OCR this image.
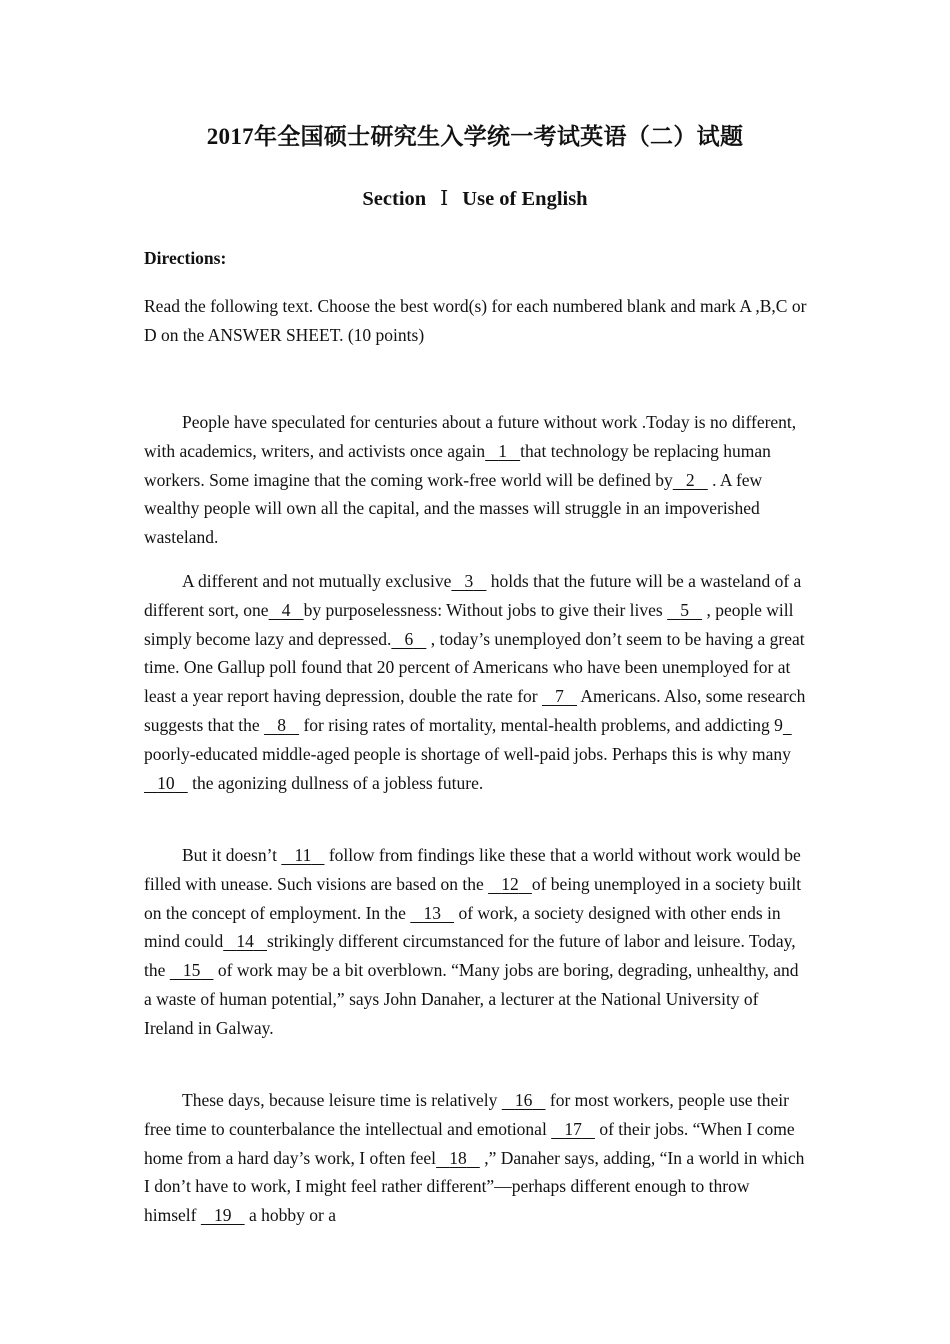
2017年全国硕士研究生入学统一考试英语（二）试题
Section Ⅰ Use of English
Directions:
Read the following text. Choose the best word(s) for each numbered blank and mark A ,B,C or D on the ANSWER SHEET. (10 points)
People have speculated for centuries about a future without work .Today is no different, with academics, writers, and activists once again 1 that technology be replacing human workers. Some imagine that the coming work-free world will be defined by 2    . A few wealthy people will own all the capital, and the masses will struggle in an impoverished wasteland.
A different and not mutually exclusive 3    holds that the future will be a wasteland of a different sort, one 4 by purposelessness: Without jobs to give their lives    5    , people will simply become lazy and depressed. 6    , today’s unemployed don’t seem to be having a great time. One Gallup poll found that 20 percent of Americans who have been unemployed for at least a year report having depression, double the rate for    7    Americans. Also, some research suggests that the    8    for rising rates of mortality, mental-health problems, and addicting 9  poorly-educated middle-aged people is shortage of well-paid jobs. Perhaps this is why many    10    the agonizing dullness of a jobless future.
But it doesn’t    11    follow from findings like these that a world without work would be filled with unease. Such visions are based on the    12 of being unemployed in a society built on the concept of employment. In the    13    of work, a society designed with other ends in mind could 14 strikingly different circumstanced for the future of labor and leisure. Today, the    15    of work may be a bit overblown. “Many jobs are boring, degrading, unhealthy, and a waste of human potential,” says John Danaher, a lecturer at the National University of Ireland in Galway.
These days, because leisure time is relatively    16    for most workers, people use their free time to counterbalance the intellectual and emotional    17    of their jobs. “When I come home from a hard day’s work, I often feel 18    ,” Danaher says, adding, “In a world in which I don’t have to work, I might feel rather different”—perhaps different enough to throw himself    19    a hobby or a
